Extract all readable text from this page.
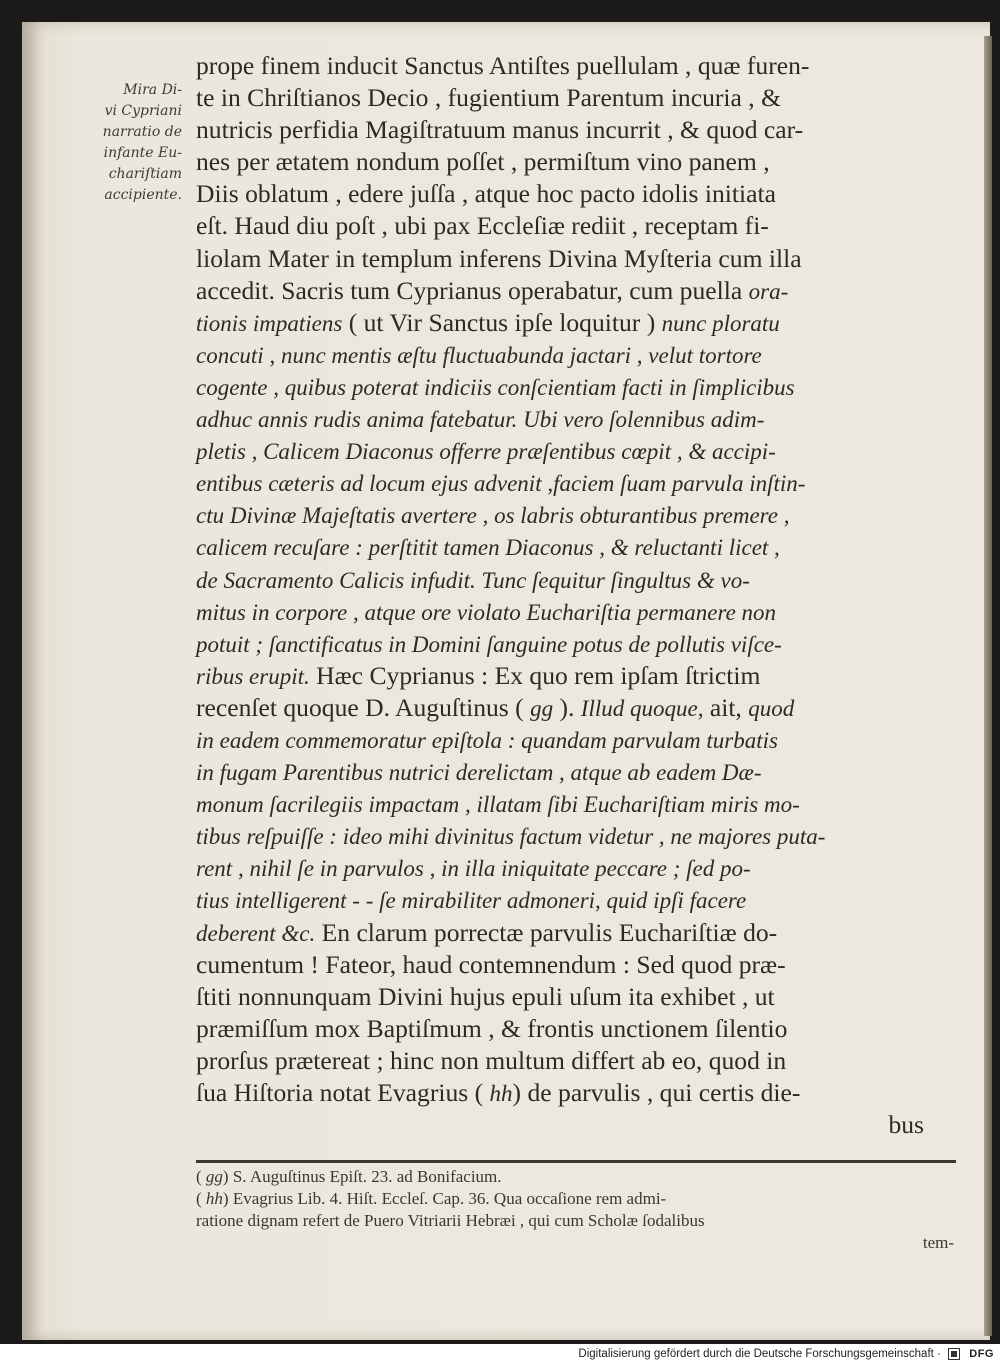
Mira Di-
vi Cypriani
narratio de
infante Eu-
chariſtiam
accipiente.
prope finem inducit Sanctus Antiſtes puellulam , quæ furen-
te in Chriſtianos Decio , fugientium Parentum incuria , &
nutricis perfidia Magiſtratuum manus incurrit , & quod car-
nes per ætatem nondum poſſet , permiſtum vino panem ,
Diis oblatum , edere juſſa , atque hoc pacto idolis initiata
eſt. Haud diu poſt , ubi pax Eccleſiæ rediit , receptam fi-
liolam Mater in templum inferens Divina Myſteria cum illa
accedit. Sacris tum Cyprianus operabatur, cum puella ora-
tionis impatiens ( ut Vir Sanctus ipſe loquitur ) nunc ploratu
concuti , nunc mentis æſtu fluctuabunda jactari , velut tortore
cogente , quibus poterat indiciis conſcientiam facti in ſimplicibus
adhuc annis rudis anima fatebatur. Ubi vero ſolennibus adim-
pletis , Calicem Diaconus offerre præſentibus cœpit , & accipi-
entibus cæteris ad locum ejus advenit ,faciem ſuam parvula inſtin-
ctu Divinæ Majeſtatis avertere , os labris obturantibus premere ,
calicem recuſare : perſtitit tamen Diaconus , & reluctanti licet ,
de Sacramento Calicis infudit. Tunc ſequitur ſingultus & vo-
mitus in corpore , atque ore violato Euchariſtia permanere non
potuit ; ſanctificatus in Domini ſanguine potus de pollutis viſce-
ribus erupit. Hæc Cyprianus : Ex quo rem ipſam ſtrictim
recenſet quoque D. Auguſtinus ( gg ). Illud quoque, ait, quod
in eadem commemoratur epiſtola : quandam parvulam turbatis
in fugam Parentibus nutrici derelictam , atque ab eadem Dæ-
monum ſacrilegiis impactam , illatam ſibi Euchariſtiam miris mo-
tibus reſpuiſſe : ideo mihi divinitus factum videtur , ne majores puta-
rent , nihil ſe in parvulos , in illa iniquitate peccare ; ſed po-
tius intelligerent - - ſe mirabiliter admoneri, quid ipſi facere
deberent &c. En clarum porrectæ parvulis Euchariſtiæ do-
cumentum ! Fateor, haud contemnendum : Sed quod præ-
ſtiti nonnunquam Divini hujus epuli uſum ita exhibet , ut
præmiſſum mox Baptiſmum , & frontis unctionem ſilentio
prorſus prætereat ; hinc non multum differt ab eo, quod in
ſua Hiſtoria notat Evagrius ( hh) de parvulis , qui certis die-
bus
( gg) S. Auguſtinus Epiſt. 23. ad Bonifacium.
( hh) Evagrius Lib. 4. Hiſt. Eccleſ. Cap. 36. Qua occaſione rem admi-
ratione dignam refert de Puero Vitriarii Hebræi , qui cum Scholæ ſodalibus
tem-
Digitalisierung gefördert durch die Deutsche Forschungsgemeinschaft ·	DFG
